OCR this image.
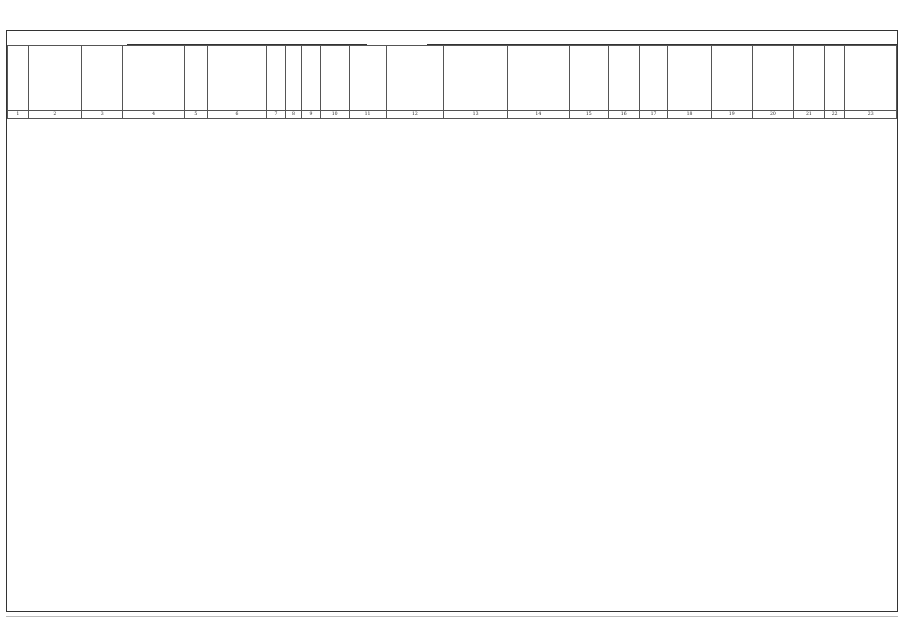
1	2	3	4	5	6	7	8	9	10	11	12	13	14	15	16	17	18	19	20	21	22	23
